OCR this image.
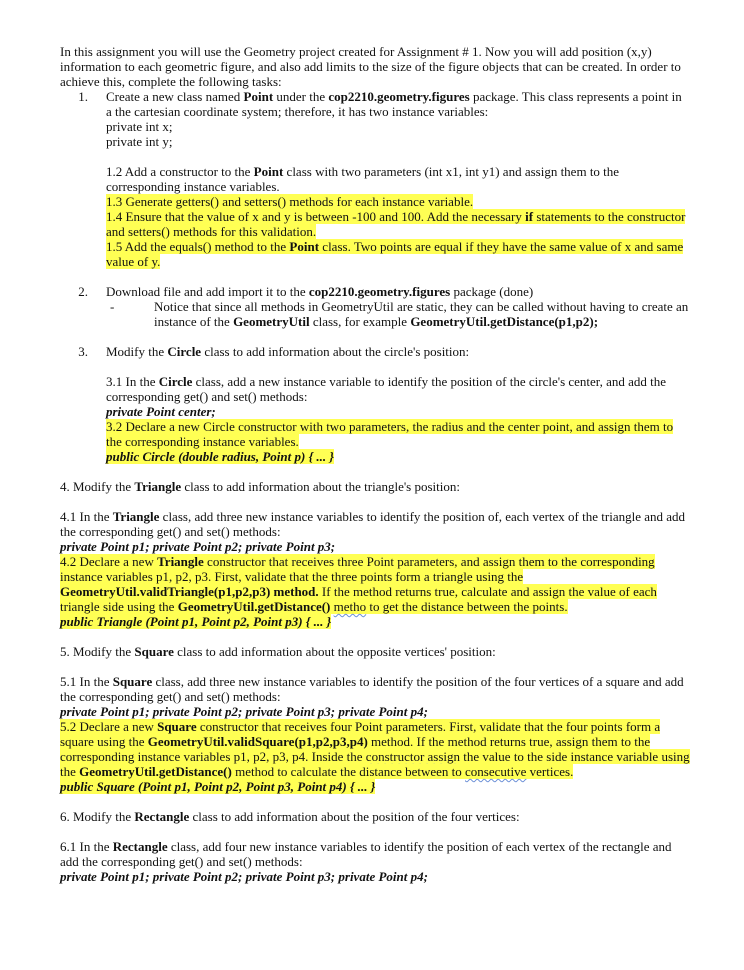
In this assignment you will use the Geometry project created for Assignment # 1. Now you will add position (x,y) information to each geometric figure, and also add limits to the size of the figure objects that can be created. In order to achieve this, complete the following tasks:

1.	Create a new class named Point under the cop2210.geometry.figures package. This class represents a point in a the cartesian coordinate system; therefore, it has two instance variables:

private int x;

private int y;

1.2 Add a constructor to the Point class with two parameters (int x1, int y1) and assign them to the corresponding instance variables.

1.3 Generate getters() and setters() methods for each instance variable.

1.4 Ensure that the value of x and y is between -100 and 100. Add the necessary if statements to the constructor and setters() methods for this validation.

1.5 Add the equals() method to the Point class. Two points are equal if they have the same value of x and same value of y.

2.	Download file and add import it to the cop2210.geometry.figures package (done)

-	Notice that since all methods in GeometryUtil are static, they can be called without having to create an instance of the GeometryUtil class, for example GeometryUtil.getDistance(p1,p2);
3.	Modify the Circle class to add information about the circle's position:

3.1 In the Circle class, add a new instance variable to identify the position of the circle's center, and add the corresponding get() and set() methods:

private Point center;

3.2 Declare a new Circle constructor with two parameters, the radius and the center point, and assign them to the corresponding instance variables.

public Circle (double radius, Point p) { ... }

4. Modify the Triangle class to add information about the triangle's position:

4.1 In the Triangle class, add three new instance variables to identify the position of, each vertex of the triangle and add the corresponding get() and set() methods:

private Point p1; private Point p2; private Point p3;

4.2 Declare a new Triangle constructor that receives three Point parameters, and assign them to the corresponding instance variables p1, p2, p3. First, validate that the three points form a triangle using the GeometryUtil.validTriangle(p1,p2,p3) method. If the method returns true, calculate and assign the value of each triangle side using the GeometryUtil.getDistance() metho to get the distance between the points.

public Triangle (Point p1, Point p2, Point p3) { ... }

5. Modify the Square class to add information about the opposite vertices' position:

5.1 In the Square class, add three new instance variables to identify the position of the four vertices of a square and add the corresponding get() and set() methods:

private Point p1; private Point p2; private Point p3; private Point p4;

5.2 Declare a new Square constructor that receives four Point parameters. First, validate that the four points form a square using the GeometryUtil.validSquare(p1,p2,p3,p4) method. If the method returns true, assign them to the corresponding instance variables p1, p2, p3, p4. Inside the constructor assign the value to the side instance variable using the GeometryUtil.getDistance() method to calculate the distance between to consecutive vertices.

public Square (Point p1, Point p2, Point p3, Point p4) { ... }

6. Modify the Rectangle class to add information about the position of the four vertices:

6.1 In the Rectangle class, add four new instance variables to identify the position of each vertex of the rectangle and add the corresponding get() and set() methods:

private Point p1; private Point p2; private Point p3; private Point p4;
